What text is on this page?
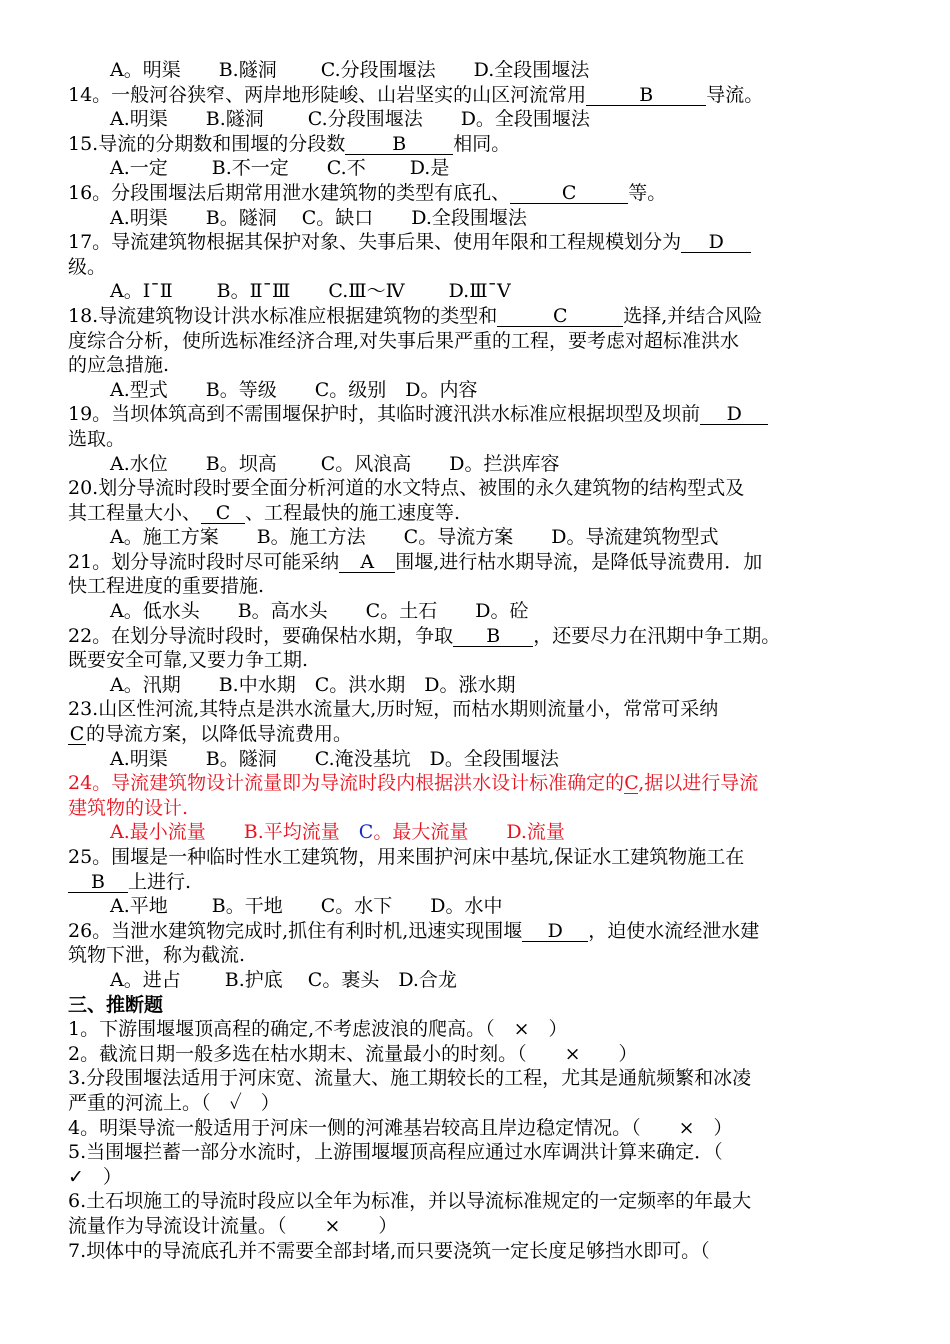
A。明渠　　B.隧洞　　 C.分段围堰法　　D.全段围堰法
14。一般河谷狭窄、两岸地形陡峻、山岩坚实的山区河流常用	B	导流。
A.明渠　　B.隧洞　　 C.分段围堰法　　D。全段围堰法
15.导流的分期数和围堰的分段数 B 相同。
A.一定　　 B.不一定　　C.不　　 D.是
16。分段围堰法后期常用泄水建筑物的类型有底孔、	C	等。
A.明渠　　B。隧洞　 C。缺口　　D.全段围堰法
17。导流建筑物根据其保护对象、失事后果、使用年限和工程规模划分为 D
级。
A。Ⅰ¯Ⅱ　　 B。Ⅱ¯Ⅲ　　C.Ⅲ～Ⅳ　　 D.Ⅲ¯Ⅴ
18.导流建筑物设计洪水标准应根据建筑物的类型和	C	选择,并结合风险
度综合分析，使所选标准经济合理,对失事后果严重的工程，要考虑对超标准洪水
的应急措施.
A.型式　　B。等级　　C。级别　D。内容
19。当坝体筑高到不需围堰保护时，其临时渡汛洪水标准应根据坝型及坝前 D
选取。
A.水位　　B。坝高　　 C。风浪高　　D。拦洪库容
20.划分导流时段时要全面分析河道的水文特点、被围的永久建筑物的结构型式及
其工程量大小、 C 、工程最快的施工速度等.
A。施工方案　　B。施工方法　　C。导流方案　　D。导流建筑物型式
21。划分导流时段时尽可能采纳 A 围堰,进行枯水期导流，是降低导流费用．加
快工程进度的重要措施.
A。低水头　　B。高水头　　C。土石　　D。砼
22。在划分导流时段时，要确保枯水期，争取 B ，还要尽力在汛期中争工期。
既要安全可靠,又要力争工期.
A。汛期　　B.中水期　C。洪水期　D。涨水期
23.山区性河流,其特点是洪水流量大,历时短，而枯水期则流量小，常常可采纳
C的导流方案，以降低导流费用。
A.明渠　　B。隧洞　　C.淹没基坑　D。全段围堰法
24。导流建筑物设计流量即为导流时段内根据洪水设计标准确定的C,据以进行导流
建筑物的设计.
A.最小流量　　B.平均流量　C。最大流量　　D.流量
25。围堰是一种临时性水工建筑物，用来围护河床中基坑,保证水工建筑物施工在
B 上进行.
A.平地　　 B。干地　　C。水下　　D。水中
26。当泄水建筑物完成时,抓住有利时机,迅速实现围堰 D ，迫使水流经泄水建
筑物下泄，称为截流.
A。进占　　 B.护底　 C。裹头　D.合龙
三、推断题
1。下游围堰堰顶高程的确定,不考虑波浪的爬高。（　×　）
2。截流日期一般多选在枯水期末、流量最小的时刻。（　　×　　）
3.分段围堰法适用于河床宽、流量大、施工期较长的工程，尤其是通航频繁和冰凌
严重的河流上。（　✓　）
4。明渠导流一般适用于河床一侧的河滩基岩较高且岸边稳定情况。（　　×　）
5.当围堰拦蓄一部分水流时，上游围堰堰顶高程应通过水库调洪计算来确定．（
✓　）
6.土石坝施工的导流时段应以全年为标准，并以导流标准规定的一定频率的年最大
流量作为导流设计流量。（　　×　　）
7.坝体中的导流底孔并不需要全部封堵,而只要浇筑一定长度足够挡水即可。（
